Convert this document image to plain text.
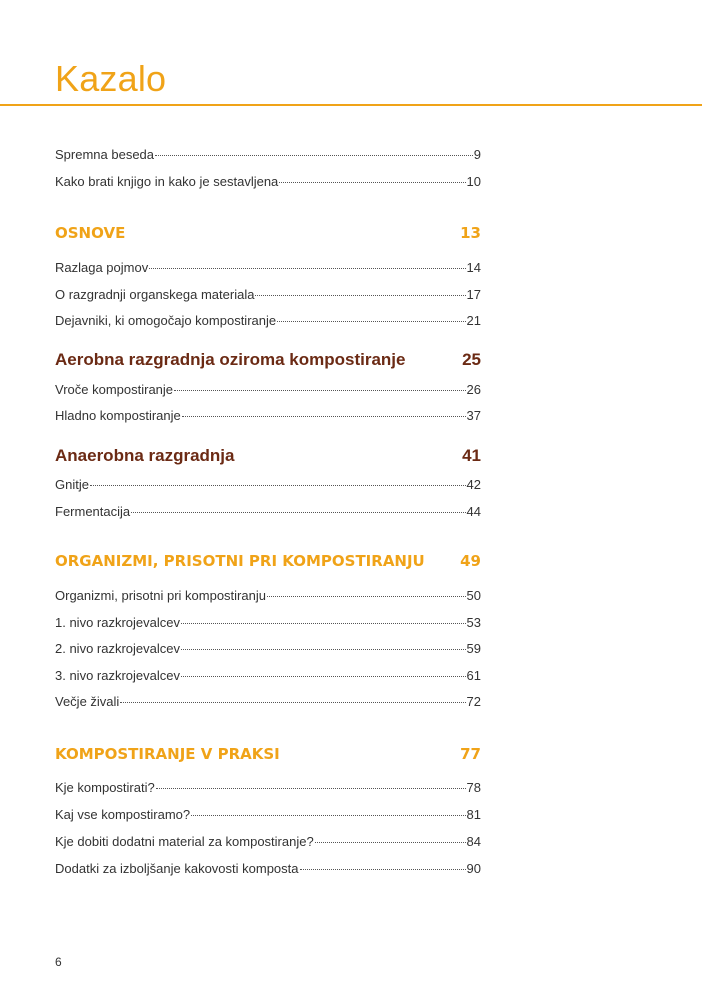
Kazalo
Spremna beseda	9
Kako brati knjigo in kako je sestavljena	10
OSNOVE	13
Razlaga pojmov	14
O razgradnji organskega materiala	17
Dejavniki, ki omogočajo kompostiranje	21
Aerobna razgradnja oziroma kompostiranje	25
Vroče kompostiranje	26
Hladno kompostiranje	37
Anaerobna razgradnja	41
Gnitje	42
Fermentacija	44
ORGANIZMI, PRISOTNI PRI KOMPOSTIRANJU 49
Organizmi, prisotni pri kompostiranju	50
1. nivo razkrojevalcev	53
2. nivo razkrojevalcev	59
3. nivo razkrojevalcev	61
Večje živali	72
KOMPOSTIRANJE V PRAKSI	77
Kje kompostirati?	78
Kaj vse kompostiramo?	81
Kje dobiti dodatni material za kompostiranje?	84
Dodatki za izboljšanje kakovosti komposta	90
6
